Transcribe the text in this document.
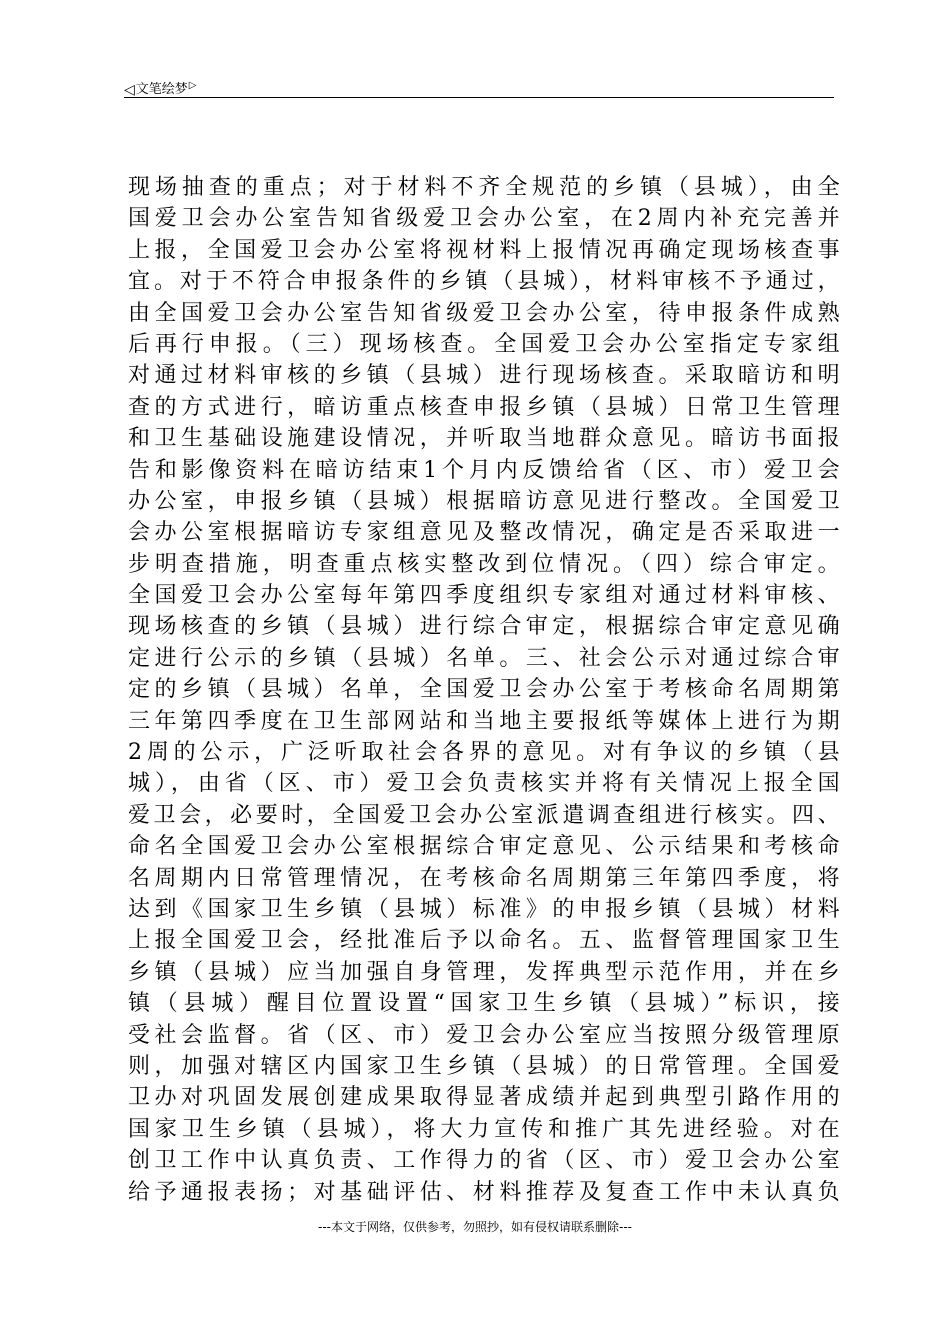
◁ 文笔绘梦 ▷
现场抽查的重点；对于材料不齐全规范的乡镇（县城），由全
国爱卫会办公室告知省级爱卫会办公室，在2周内补充完善并
上报，全国爱卫会办公室将视材料上报情况再确定现场核查事
宜。对于不符合申报条件的乡镇（县城），材料审核不予通过，
由全国爱卫会办公室告知省级爱卫会办公室，待申报条件成熟
后再行申报。（三）现场核查。全国爱卫会办公室指定专家组
对通过材料审核的乡镇（县城）进行现场核查。采取暗访和明
查的方式进行，暗访重点核查申报乡镇（县城）日常卫生管理
和卫生基础设施建设情况，并听取当地群众意见。暗访书面报
告和影像资料在暗访结束1个月内反馈给省（区、市）爱卫会
办公室，申报乡镇（县城）根据暗访意见进行整改。全国爱卫
会办公室根据暗访专家组意见及整改情况，确定是否采取进一
步明查措施，明查重点核实整改到位情况。（四）综合审定。
全国爱卫会办公室每年第四季度组织专家组对通过材料审核、
现场核查的乡镇（县城）进行综合审定，根据综合审定意见确
定进行公示的乡镇（县城）名单。三、社会公示对通过综合审
定的乡镇（县城）名单，全国爱卫会办公室于考核命名周期第
三年第四季度在卫生部网站和当地主要报纸等媒体上进行为期
2周的公示，广泛听取社会各界的意见。对有争议的乡镇（县
城），由省（区、市）爱卫会负责核实并将有关情况上报全国
爱卫会，必要时，全国爱卫会办公室派遣调查组进行核实。四、
命名全国爱卫会办公室根据综合审定意见、公示结果和考核命
名周期内日常管理情况，在考核命名周期第三年第四季度，将
达到《国家卫生乡镇（县城）标准》的申报乡镇（县城）材料
上报全国爱卫会，经批准后予以命名。五、监督管理国家卫生
乡镇（县城）应当加强自身管理，发挥典型示范作用，并在乡
镇（县城）醒目位置设置“国家卫生乡镇（县城）”标识，接
受社会监督。省（区、市）爱卫会办公室应当按照分级管理原
则，加强对辖区内国家卫生乡镇（县城）的日常管理。全国爱
卫办对巩固发展创建成果取得显著成绩并起到典型引路作用的
国家卫生乡镇（县城），将大力宣传和推广其先进经验。对在
创卫工作中认真负责、工作得力的省（区、市）爱卫会办公室
给予通报表扬；对基础评估、材料推荐及复查工作中未认真负
---本文于网络，仅供参考，勿照抄，如有侵权请联系删除---
